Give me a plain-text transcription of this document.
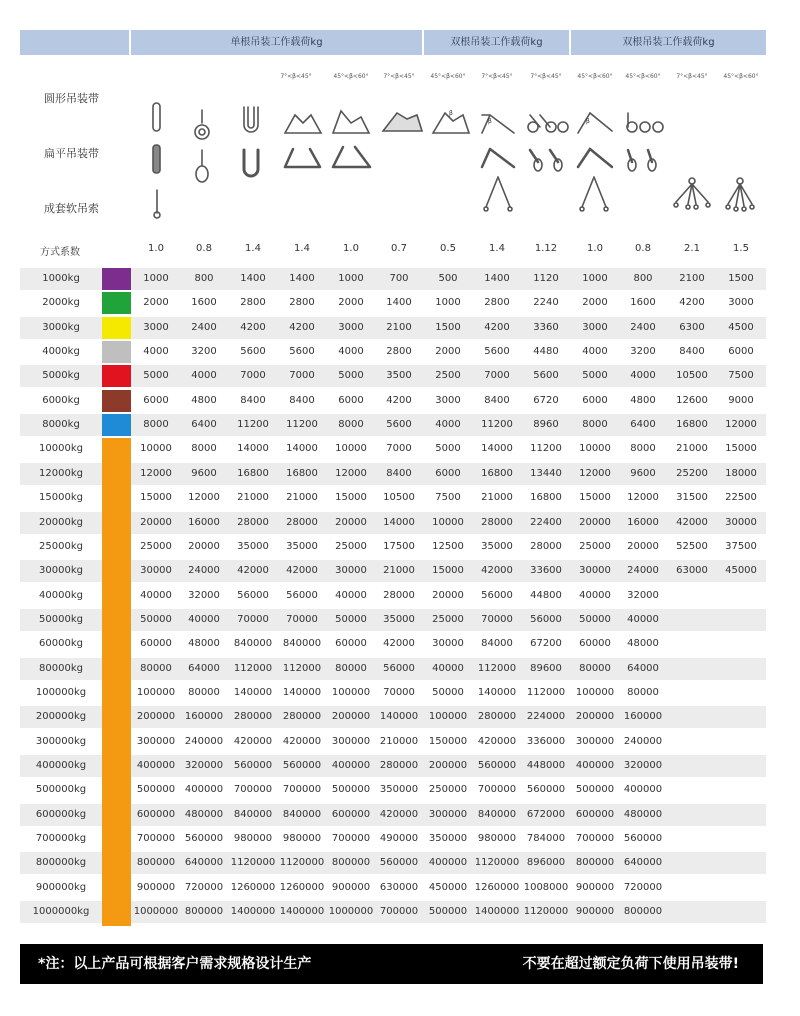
单根吊装工作载荷kg	双根吊装工作载荷kg	双根吊装工作载荷kg
7°<β<45°	45°<β<60°	7°<β<45°	45°<β<60°	7°<β<45°	7°<β<45°	45°<β<60°	45°<β<60°	7°<β<45°	45°<β<60°
圆形吊装带
扁平吊装带
成套软吊索
β
β	β
方式系数	1.0	0.8	1.4	1.4	1.0	0.7	0.5	1.4	1.12	1.0	0.8	2.1	1.5
1000kg	1000	800	1400	1400	1000	700	500	1400	1120	1000	800	2100	1500
2000kg	2000	1600	2800	2800	2000	1400	1000	2800	2240	2000	1600	4200	3000
3000kg	3000	2400	4200	4200	3000	2100	1500	4200	3360	3000	2400	6300	4500
4000kg	4000	3200	5600	5600	4000	2800	2000	5600	4480	4000	3200	8400	6000
5000kg	5000	4000	7000	7000	5000	3500	2500	7000	5600	5000	4000	10500	7500
6000kg	6000	4800	8400	8400	6000	4200	3000	8400	6720	6000	4800	12600	9000
8000kg	8000	6400	11200	11200	8000	5600	4000	11200	8960	8000	6400	16800	12000
10000kg	10000	8000	14000	14000	10000	7000	5000	14000	11200	10000	8000	21000	15000
12000kg	12000	9600	16800	16800	12000	8400	6000	16800	13440	12000	9600	25200	18000
15000kg	15000	12000	21000	21000	15000	10500	7500	21000	16800	15000	12000	31500	22500
20000kg	20000	16000	28000	28000	20000	14000	10000	28000	22400	20000	16000	42000	30000
25000kg	25000	20000	35000	35000	25000	17500	12500	35000	28000	25000	20000	52500	37500
30000kg	30000	24000	42000	42000	30000	21000	15000	42000	33600	30000	24000	63000	45000
40000kg	40000	32000	56000	56000	40000	28000	20000	56000	44800	40000	32000
50000kg	50000	40000	70000	70000	50000	35000	25000	70000	56000	50000	40000
60000kg	60000	48000	840000	840000	60000	42000	30000	84000	67200	60000	48000
80000kg	80000	64000	112000	112000	80000	56000	40000	112000	89600	80000	64000
100000kg	100000	80000	140000	140000	100000	70000	50000	140000	112000	100000	80000
200000kg	200000 160000	280000	280000	200000 140000	100000	280000	224000	200000 160000
300000kg	300000 240000	420000	420000	300000 210000	150000	420000	336000	300000 240000
400000kg	400000 320000	560000	560000	400000 280000	200000	560000	448000	400000 320000
500000kg	500000 400000	700000	700000	500000 350000	250000	700000	560000	500000 400000
600000kg	600000 480000	840000	840000	600000 420000	300000	840000	672000	600000 480000
700000kg	700000 560000	980000	980000	700000 490000	350000	980000	784000	700000 560000
800000kg	800000 640000 1120000 1120000 800000 560000	400000 1120000 896000	800000 640000
900000kg	900000 720000 1260000 1260000 900000 630000	450000 1260000 1008000 900000 720000
1000000kg	1000000 800000 1400000 1400000 1000000 700000	500000 1400000 1120000 900000 800000
*注：以上产品可根据客户需求规格设计生产	不要在超过额定负荷下使用吊装带!
